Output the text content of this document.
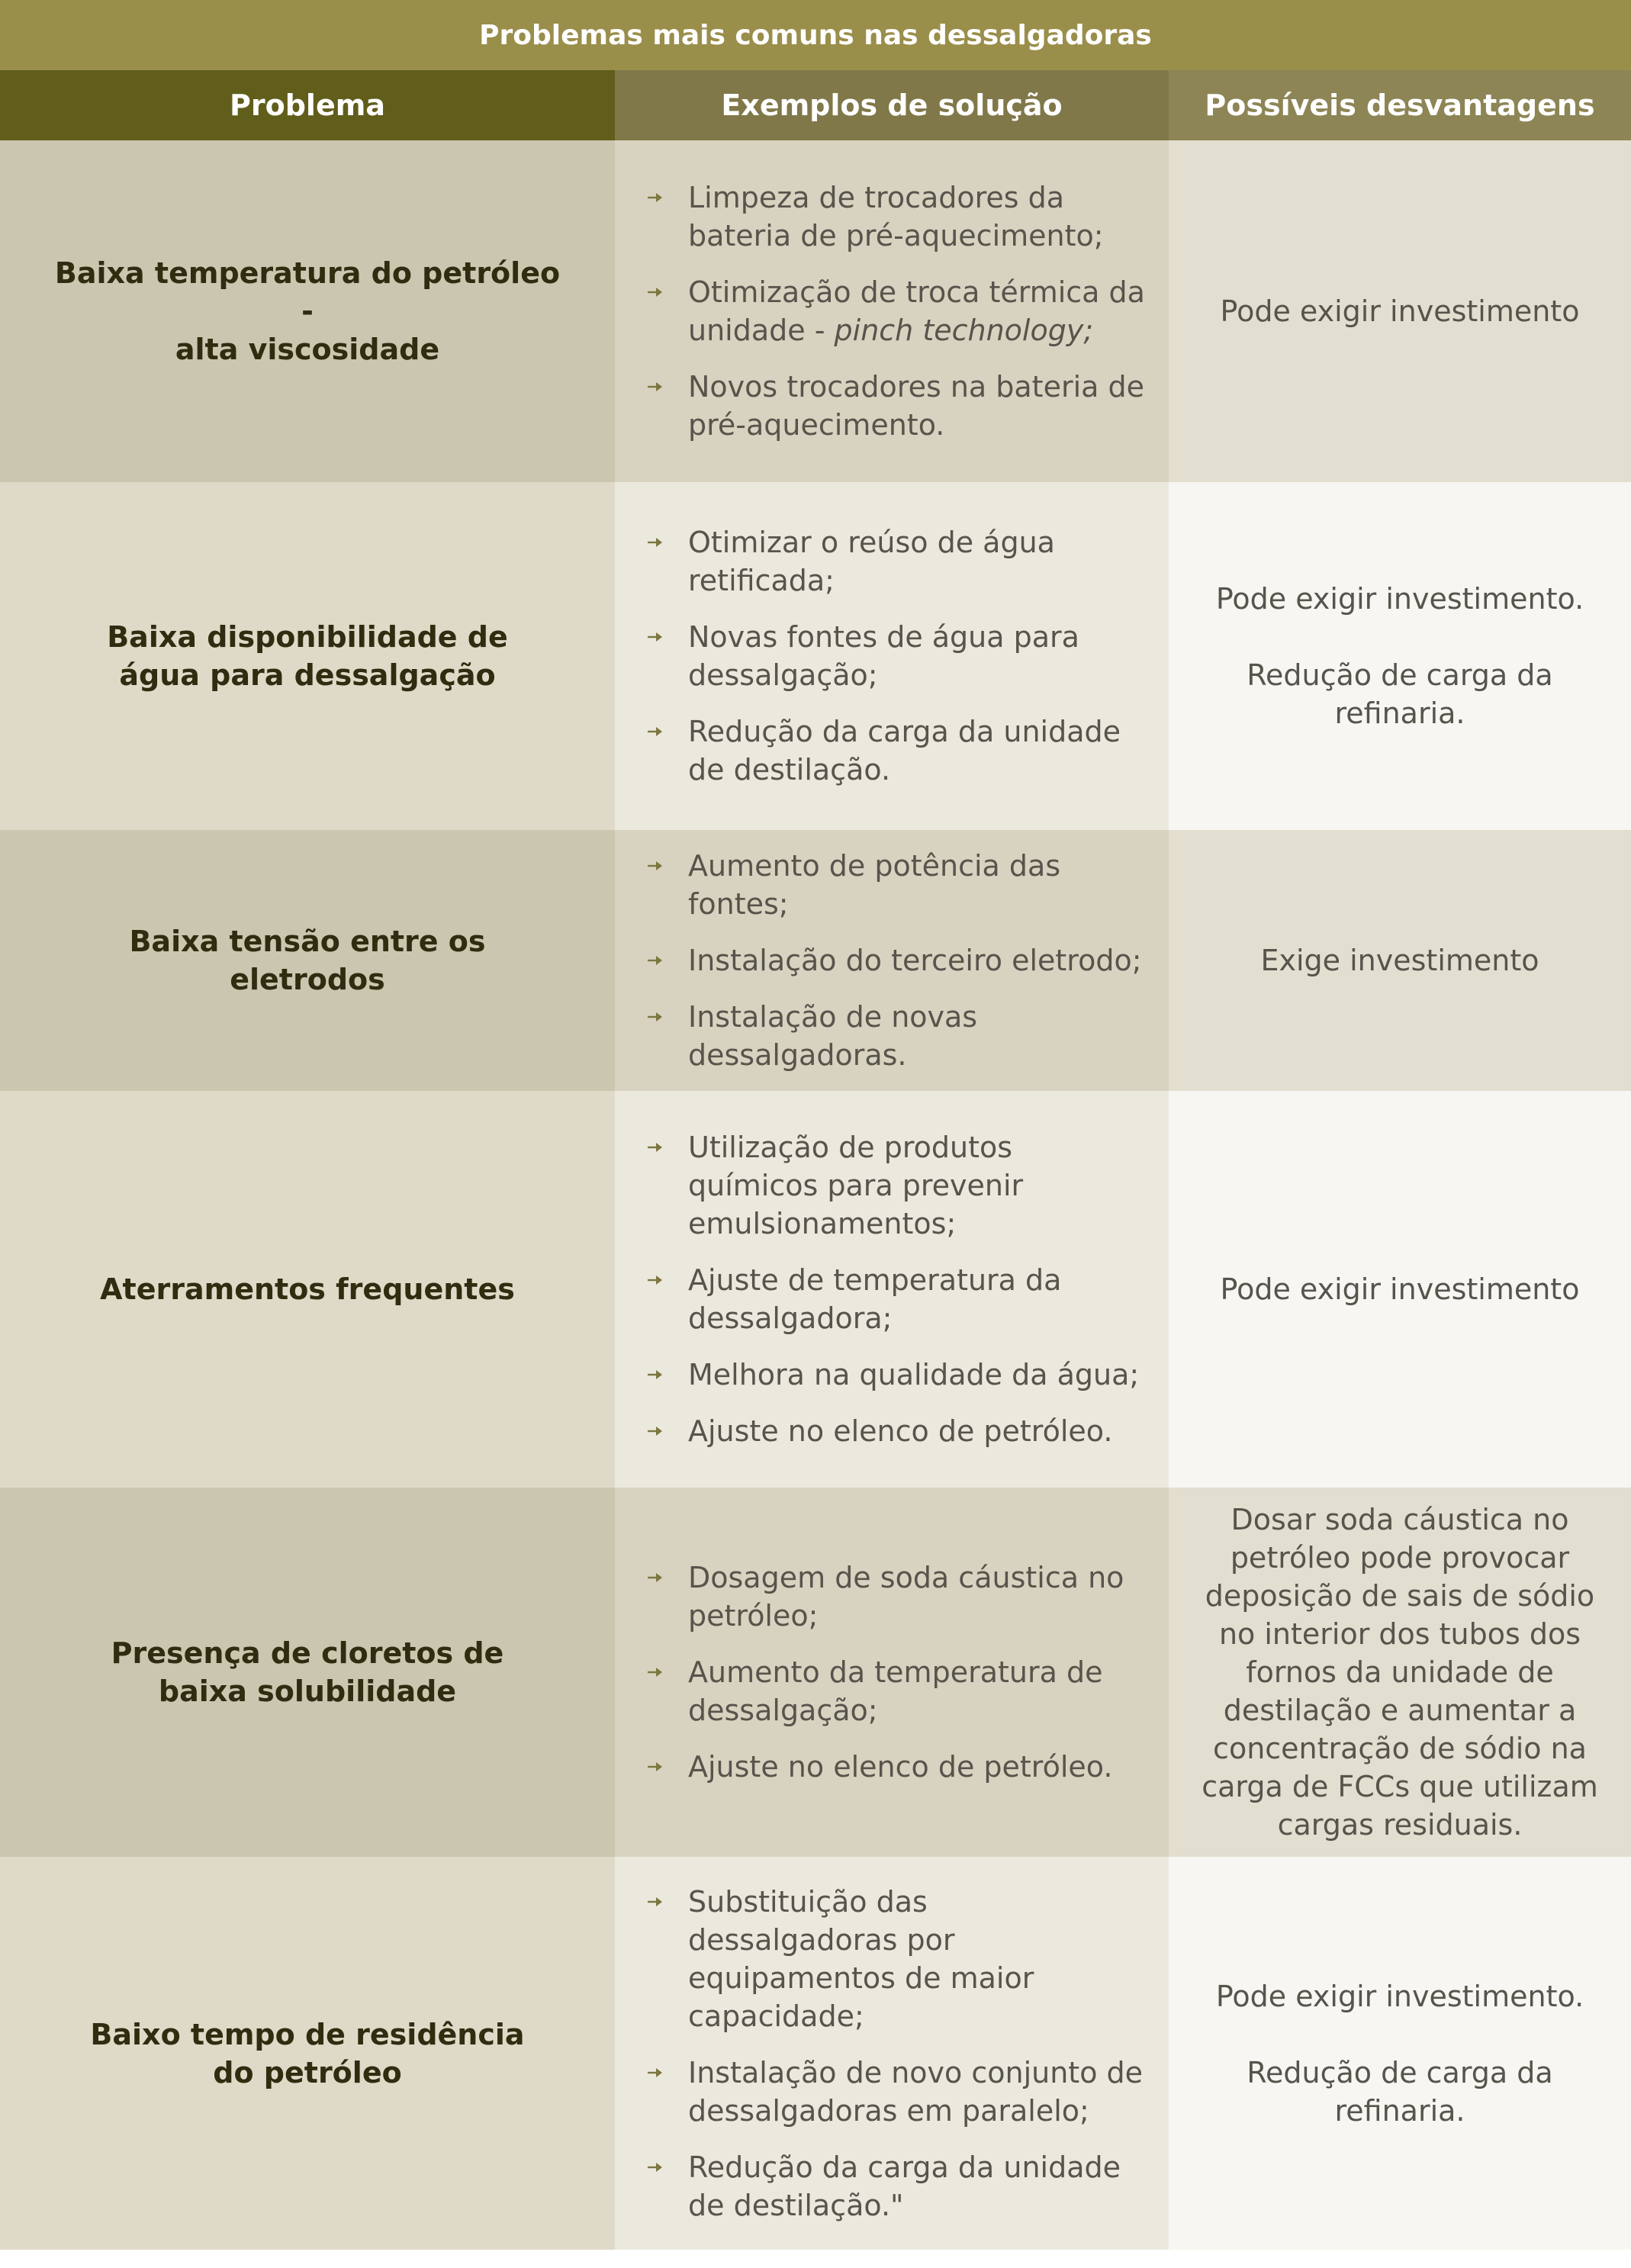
Problemas mais comuns nas dessalgadoras
Problema	Exemplos de solução	Possíveis desvantagens
Baixa temperatura do petróleo -
alta viscosidade
Limpeza de trocadores da bateria de pré-aquecimento;
Otimização de troca térmica da unidade - pinch technology;
Novos trocadores na bateria de pré-aquecimento.
Pode exigir investimento
Baixa disponibilidade de
água para dessalgação
Otimizar o reúso de água retificada;
Novas fontes de água para dessalgação;
Redução da carga da unidade de destilação.
Pode exigir investimento.
Redução de carga da refinaria.
Baixa tensão entre os eletrodos
Aumento de potência das fontes;
Instalação do terceiro eletrodo;
Instalação de novas dessalgadoras.
Exige investimento
Aterramentos frequentes
Utilização de produtos químicos para prevenir emulsionamentos;
Ajuste de temperatura da dessalgadora;
Melhora na qualidade da água;
Ajuste no elenco de petróleo.
Pode exigir investimento
Presença de cloretos de
baixa solubilidade
Dosagem de soda cáustica no petróleo;
Aumento da temperatura de dessalgação;
Ajuste no elenco de petróleo.
Dosar soda cáustica no petróleo pode provocar deposição de sais de sódio no interior dos tubos dos fornos da unidade de destilação e aumentar a concentração de sódio na carga de FCCs que utilizam cargas residuais.
Baixo tempo de residência
do petróleo
Substituição das dessalgadoras por equipamentos de maior capacidade;
Instalação de novo conjunto de dessalgadoras em paralelo;
Redução da carga da unidade de destilação."
Pode exigir investimento.
Redução de carga da refinaria.
